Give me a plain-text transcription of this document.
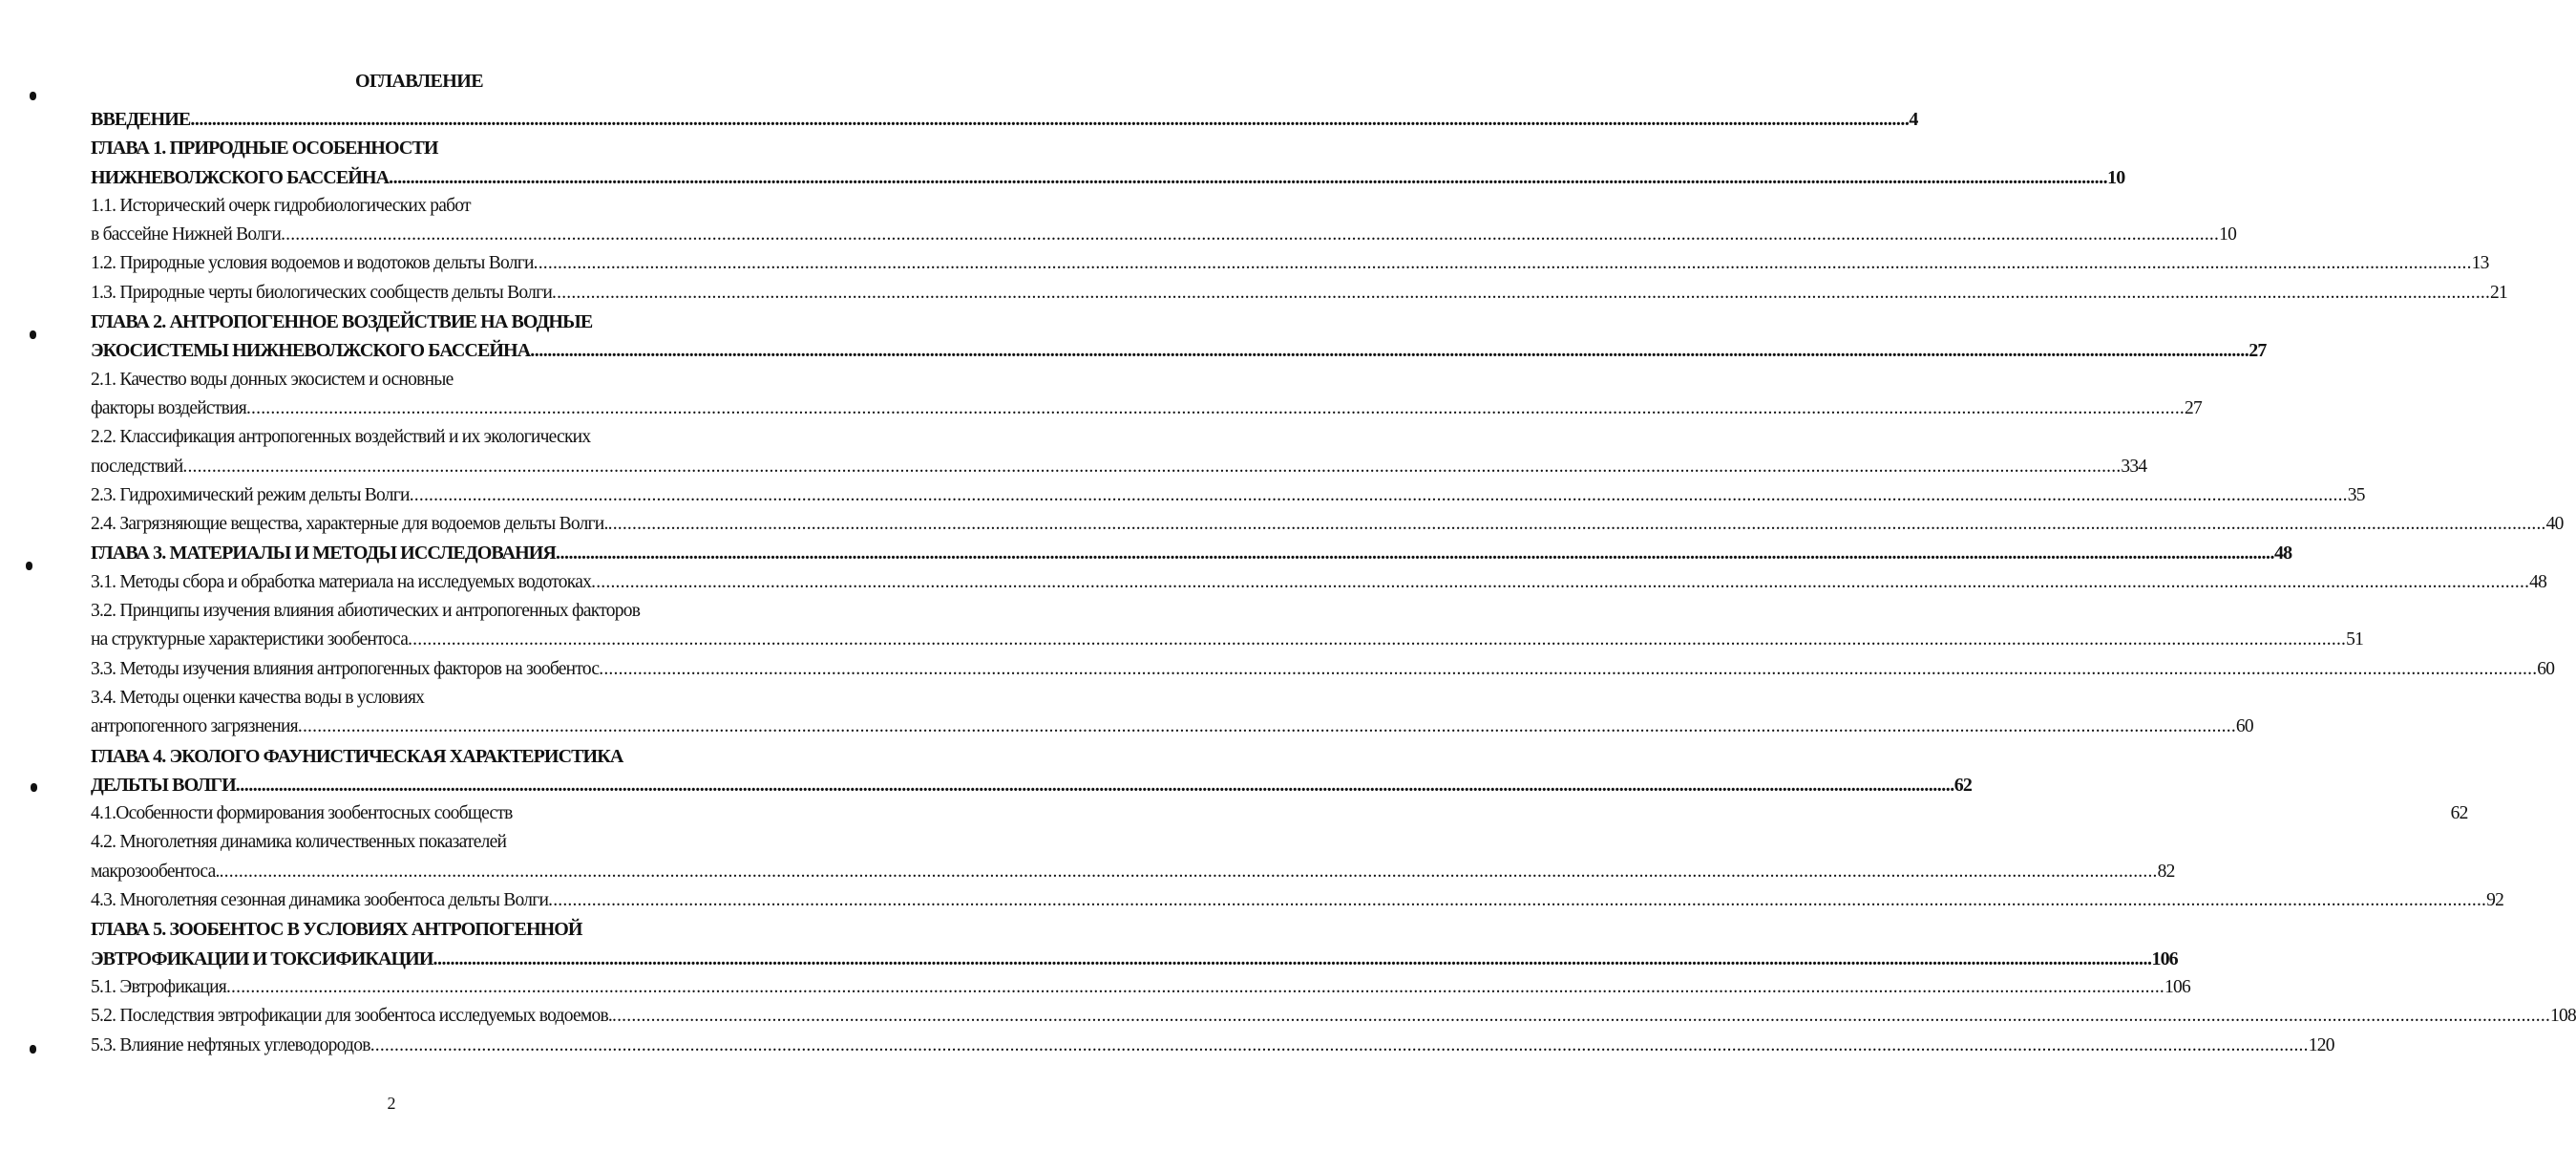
ОГЛАВЛЕНИЕ
ВВЕДЕНИЕ ................................................................................................................................................................................................................................................................................................................................................................................................................ 4
ГЛАВА 1. ПРИРОДНЫЕ ОСОБЕННОСТИ
НИЖНЕВОЛЖСКОГО БАССЕЙНА ................................................................................................................................................................................................................................................................................................................................................................................................................ 10
1.1. Исторический очерк гидробиологических работ
в бассейне Нижней Волги ................................................................................................................................................................................................................................................................................................................................................................................................................ 10
1.2. Природные условия водоемов и водотоков дельты Волги ................................................................................................................................................................................................................................................................................................................................................................................................................ 13
1.3. Природные черты биологических сообществ дельты Волги ................................................................................................................................................................................................................................................................................................................................................................................................................ 21
ГЛАВА 2. АНТРОПОГЕННОЕ ВОЗДЕЙСТВИЕ НА ВОДНЫЕ
ЭКОСИСТЕМЫ НИЖНЕВОЛЖСКОГО БАССЕЙНА ................................................................................................................................................................................................................................................................................................................................................................................................................ 27
2.1. Качество воды донных экосистем и основные
факторы воздействия ................................................................................................................................................................................................................................................................................................................................................................................................................ 27
2.2. Классификация антропогенных воздействий и их экологических
последствий ................................................................................................................................................................................................................................................................................................................................................................................................................ 334
2.3. Гидрохимический режим дельты Волги ................................................................................................................................................................................................................................................................................................................................................................................................................ 35
2.4. Загрязняющие вещества, характерные для водоемов дельты Волги. ................................................................................................................................................................................................................................................................................................................................................................................................................ 40
ГЛАВА 3. МАТЕРИАЛЫ И МЕТОДЫ ИССЛЕДОВАНИЯ ................................................................................................................................................................................................................................................................................................................................................................................................................ 48
3.1. Методы сбора и обработка материала на исследуемых водотоках ................................................................................................................................................................................................................................................................................................................................................................................................................ 48
3.2. Принципы изучения влияния абиотических и антропогенных факторов
на структурные характеристики зообентоса ................................................................................................................................................................................................................................................................................................................................................................................................................ 51
3.3. Методы изучения влияния антропогенных факторов на зообентос ................................................................................................................................................................................................................................................................................................................................................................................................................ 60
3.4. Методы оценки качества воды в условиях
антропогенного загрязнения ................................................................................................................................................................................................................................................................................................................................................................................................................ 60
ГЛАВА 4. ЭКОЛОГО ФАУНИСТИЧЕСКАЯ ХАРАКТЕРИСТИКА
ДЕЛЬТЫ ВОЛГИ ................................................................................................................................................................................................................................................................................................................................................................................................................ 62
4.1.Особенности формирования зообентосных сообществ	62
4.2. Многолетняя динамика количественных показателей
макрозообентоса. ................................................................................................................................................................................................................................................................................................................................................................................................................ 82
4.3. Многолетняя сезонная динамика зообентоса дельты Волги ................................................................................................................................................................................................................................................................................................................................................................................................................ 92
ГЛАВА 5. ЗООБЕНТОС В УСЛОВИЯХ АНТРОПОГЕННОЙ
ЭВТРОФИКАЦИИ И ТОКСИФИКАЦИИ ................................................................................................................................................................................................................................................................................................................................................................................................................ 106
5.1. Эвтрофикация ................................................................................................................................................................................................................................................................................................................................................................................................................ 106
5.2. Последствия эвтрофикации для зообентоса исследуемых водоемов. ................................................................................................................................................................................................................................................................................................................................................................................................................ 108
5.3. Влияние нефтяных углеводородов ................................................................................................................................................................................................................................................................................................................................................................................................................ 120
2
